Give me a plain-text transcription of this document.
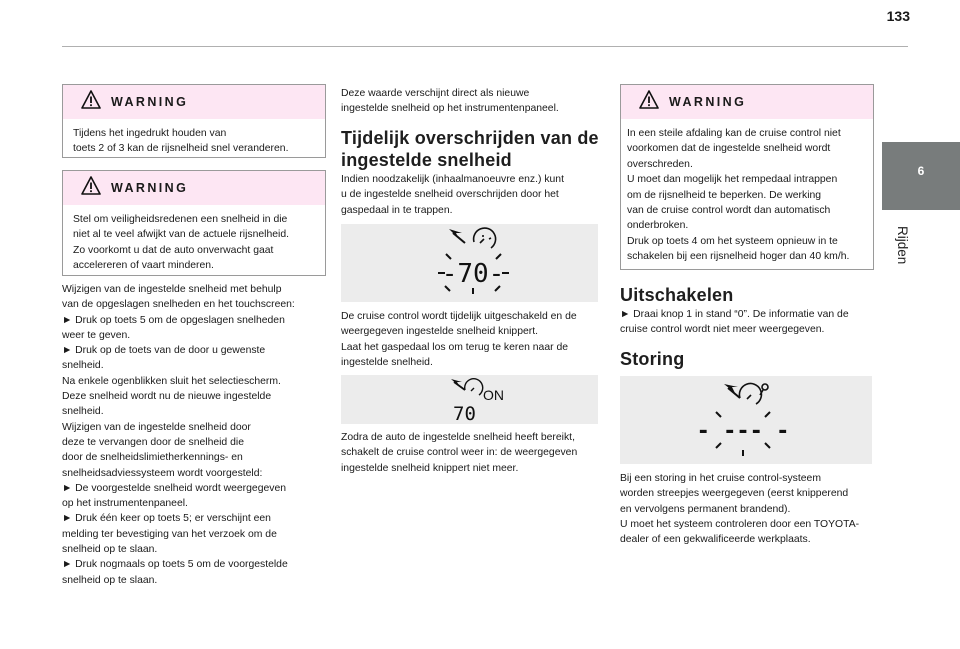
133
6
Rijden
WARNING
Tijdens het ingedrukt houden van
toets 2 of 3 kan de rijsnelheid snel veranderen.
WARNING
Stel om veiligheidsredenen een snelheid in die
niet al te veel afwijkt van de actuele rijsnelheid.
Zo voorkomt u dat de auto onverwacht gaat
accelereren of vaart minderen.

Wijzigen van de ingestelde snelheid met behulp

van de opgeslagen snelheden en het touchscreen:

► Druk op toets 5 om de opgeslagen snelheden

weer te geven.

► Druk op de toets van de door u gewenste

snelheid.

Na enkele ogenblikken sluit het selectiescherm.

Deze snelheid wordt nu de nieuwe ingestelde

snelheid.

Wijzigen van de ingestelde snelheid door

deze te vervangen door de snelheid die

door de snelheidslimietherkennings- en

snelheidsadviessysteem wordt voorgesteld:

► De voorgestelde snelheid wordt weergegeven

op het instrumentenpaneel.

► Druk één keer op toets 5; er verschijnt een

melding ter bevestiging van het verzoek om de

snelheid op te slaan.

► Druk nogmaals op toets 5 om de voorgestelde

snelheid op te slaan.

Deze waarde verschijnt direct als nieuwe

ingestelde snelheid op het instrumentenpaneel.

Tijdelijk overschrijden van de
ingestelde snelheid

Indien noodzakelijk (inhaalmanoeuvre enz.) kunt

u de ingestelde snelheid overschrijden door het

gaspedaal in te trappen.

-70-

De cruise control wordt tijdelijk uitgeschakeld en de

weergegeven ingestelde snelheid knippert.

Laat het gaspedaal los om terug te keren naar de

ingestelde snelheid.

ON
70

Zodra de auto de ingestelde snelheid heeft bereikt,

schakelt de cruise control weer in: de weergegeven

ingestelde snelheid knippert niet meer.

WARNING
In een steile afdaling kan de cruise control niet
voorkomen dat de ingestelde snelheid wordt
overschreden.
U moet dan mogelijk het rempedaal intrappen
om de rijsnelheid te beperken. De werking
van de cruise control wordt dan automatisch
onderbroken.
Druk op toets 4 om het systeem opnieuw in te
schakelen bij een rijsnelheid hoger dan 40 km/h.
Uitschakelen

► Draai knop 1 in stand “0”. De informatie van de

cruise control wordt niet meer weergegeven.

Storing
- --- -

Bij een storing in het cruise control-systeem

worden streepjes weergegeven (eerst knipperend

en vervolgens permanent brandend).

U moet het systeem controleren door een TOYOTA-

dealer of een gekwalificeerde werkplaats.
